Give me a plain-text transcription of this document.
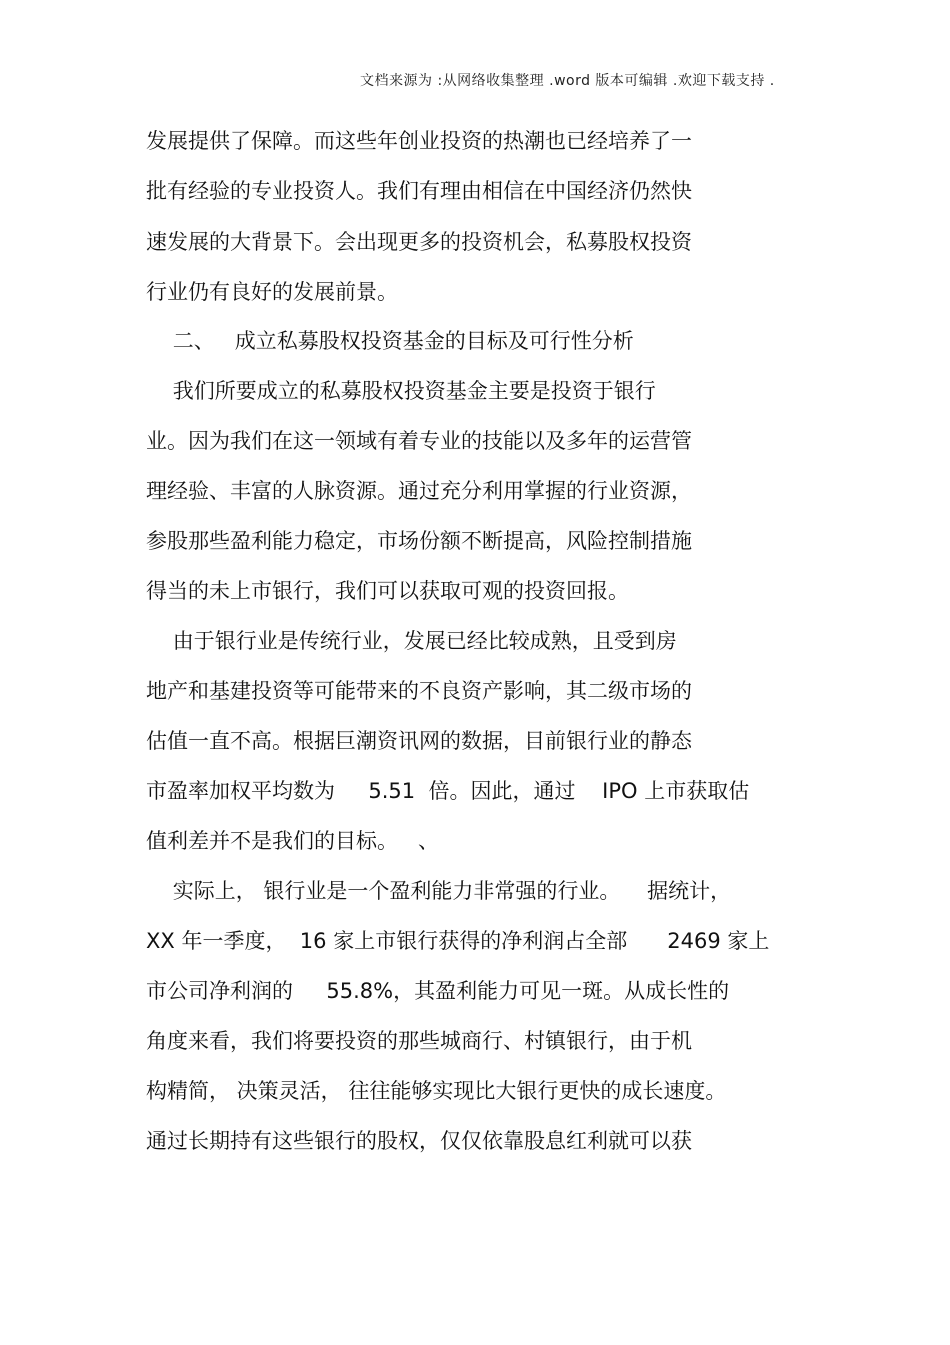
文档来源为 :从网络收集整理 .word 版本可编辑 .欢迎下载支持 .
发展提供了保障。而这些年创业投资的热潮也已经培养了一
批有经验的专业投资人。我们有理由相信在中国经济仍然快
速发展的大背景下。会出现更多的投资机会，私募股权投资
行业仍有良好的发展前景。
二、   成立私募股权投资基金的目标及可行性分析
我们所要成立的私募股权投资基金主要是投资于银行
业。因为我们在这一领域有着专业的技能以及多年的运营管
理经验、丰富的人脉资源。通过充分利用掌握的行业资源，
参股那些盈利能力稳定，市场份额不断提高，风险控制措施
得当的未上市银行，我们可以获取可观的投资回报。
由于银行业是传统行业，发展已经比较成熟，且受到房
地产和基建投资等可能带来的不良资产影响，其二级市场的
估值一直不高。根据巨潮资讯网的数据，目前银行业的静态
市盈率加权平均数为     5.51  倍。因此，通过    IPO 上市获取估
值利差并不是我们的目标。   、
实际上， 银行业是一个盈利能力非常强的行业。    据统计，
XX 年一季度，  16 家上市银行获得的净利润占全部      2469 家上
市公司净利润的     55.8%，其盈利能力可见一斑。从成长性的
角度来看，我们将要投资的那些城商行、村镇银行，由于机
构精简， 决策灵活， 往往能够实现比大银行更快的成长速度。
通过长期持有这些银行的股权，仅仅依靠股息红利就可以获
